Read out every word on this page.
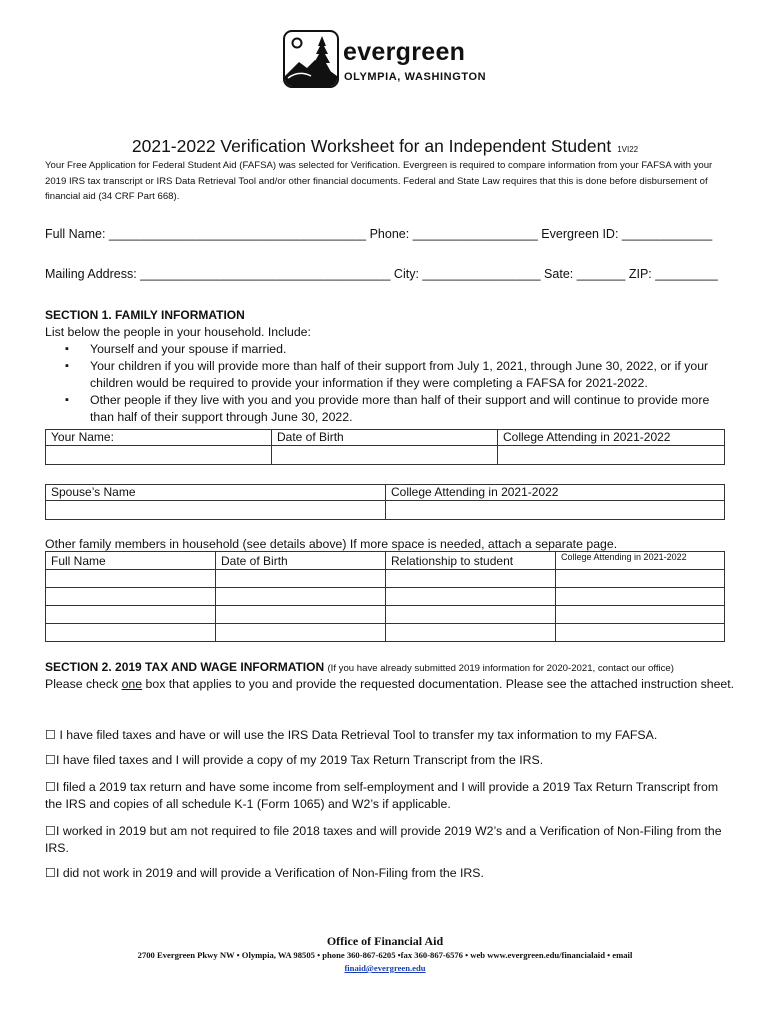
evergreen
OLYMPIA, WASHINGTON
2021-2022 Verification Worksheet for an Independent Student 1VI22
Your Free Application for Federal Student Aid (FAFSA) was selected for Verification. Evergreen is required to compare information from your FAFSA with your 2019 IRS tax transcript or IRS Data Retrieval Tool and/or other financial documents. Federal and State Law requires that this is done before disbursement of financial aid (34 CRF Part 668).
Full Name: _____________________________________ Phone: __________________ Evergreen ID: _____________
Mailing Address: ____________________________________ City: _________________ Sate: _______ ZIP: _________
SECTION 1. FAMILY INFORMATION
List below the people in your household. Include:
▪ Yourself and your spouse if married.
▪ Your children if you will provide more than half of their support from July 1, 2021, through June 30, 2022, or if your children would be required to provide your information if they were completing a FAFSA for 2021-2022.
▪ Other people if they live with you and you provide more than half of their support and will continue to provide more than half of their support through June 30, 2022.
Your Name:	Date of Birth	College Attending in 2021-2022

Spouse’s Name	College Attending in 2021-2022

Other family members in household (see details above) If more space is needed, attach a separate page.
Full Name	Date of Birth	Relationship to student	College Attending in 2021-2022

SECTION 2. 2019 TAX AND WAGE INFORMATION (If you have already submitted 2019 information for 2020-2021, contact our office)
Please check one box that applies to you and provide the requested documentation. Please see the attached instruction sheet.
☐ I have filed taxes and have or will use the IRS Data Retrieval Tool to transfer my tax information to my FAFSA.
☐I have filed taxes and I will provide a copy of my 2019 Tax Return Transcript from the IRS.
☐I filed a 2019 tax return and have some income from self-employment and I will provide a 2019 Tax Return Transcript from the IRS and copies of all schedule K-1 (Form 1065) and W2’s if applicable.
☐I worked in 2019 but am not required to file 2018 taxes and will provide 2019 W2’s and a Verification of Non-Filing from the IRS.
☐I did not work in 2019 and will provide a Verification of Non-Filing from the IRS.
Office of Financial Aid
2700 Evergreen Pkwy NW • Olympia, WA 98505 • phone 360-867-6205 •fax 360-867-6576 • web www.evergreen.edu/financialaid • email
finaid@evergreen.edu
